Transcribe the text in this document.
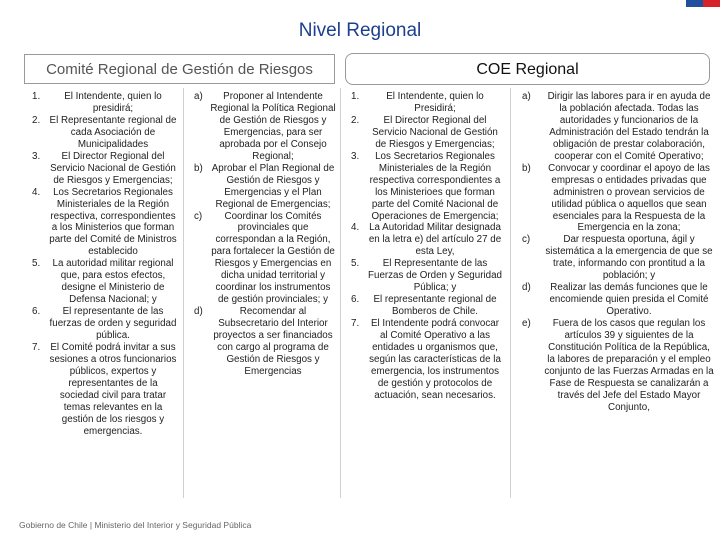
Nivel Regional
Comité Regional de Gestión de Riesgos	COE Regional
1. El Intendente, quien lo presidirá;
2. El Representante regional de cada Asociación de Municipalidades
3. El Director Regional del Servicio Nacional de Gestión de Riesgos y Emergencias;
4. Los Secretarios Regionales Ministeriales de la Región respectiva, correspondientes a los Ministerios que forman parte del Comité de Ministros establecido
5. La autoridad militar regional que, para estos efectos, designe el Ministerio de Defensa Nacional; y
6. El representante de las fuerzas de orden y seguridad pública.
7. El Comité podrá invitar a sus sesiones a otros funcionarios públicos, expertos y representantes de la sociedad civil para tratar temas relevantes en la gestión de los riesgos y emergencias.
a) Proponer al Intendente Regional la Política Regional de Gestión de Riesgos y Emergencias, para ser aprobada por el Consejo Regional;
b) Aprobar el Plan Regional de Gestión de Riesgos y Emergencias y el Plan Regional de Emergencias;
c) Coordinar los Comités provinciales que correspondan a la Región, para fortalecer la Gestión de Riesgos y Emergencias en dicha unidad territorial y coordinar los instrumentos de gestión provinciales; y
d)	Recomendar al Subsecretario del Interior proyectos a ser financiados con cargo al programa de Gestión de Riesgos y Emergencias
1.	El Intendente, quien lo Presidirá;
2. El Director Regional del Servicio Nacional de Gestión de Riesgos y Emergencias;
3. Los Secretarios Regionales Ministeriales de la Región respectiva correspondientes a los Ministerioes que forman parte del Comité Nacional de Operaciones de Emergencia;
4. La Autoridad Militar designada en la letra e) del artículo 27 de esta Ley,
5. El Representante de las Fuerzas de Orden y Seguridad Pública; y
6. El representante regional de Bomberos de Chile.
7. El Intendente podrá convocar al Comité Operativo a las entidades u organismos que, según las características de la emergencia, los instrumentos de gestión y protocolos de actuación, sean necesarios.
a) Dirigir las labores para ir en ayuda de la población afectada. Todas las autoridades y funcionarios de la Administración del Estado tendrán la obligación de prestar colaboración, cooperar con el Comité Operativo;
b) Convocar y coordinar el apoyo de las empresas o entidades privadas que administren o provean servicios de utilidad pública o aquellos que sean esenciales para la Respuesta de la Emergencia en la zona;
c)	Dar respuesta oportuna, ágil y sistemática a la emergencia de que se trate, informando con prontitud a la población; y
d) Realizar las demás funciones que le encomiende quien presida el Comité Operativo.
e) Fuera de los casos que regulan los artículos 39 y siguientes de la Constitución Política de la República, la labores de preparación y el empleo conjunto de las Fuerzas Armadas en la Fase de Respuesta se canalizarán a través del Jefe del Estado Mayor Conjunto,
Gobierno de Chile | Ministerio del Interior y Seguridad Pública
